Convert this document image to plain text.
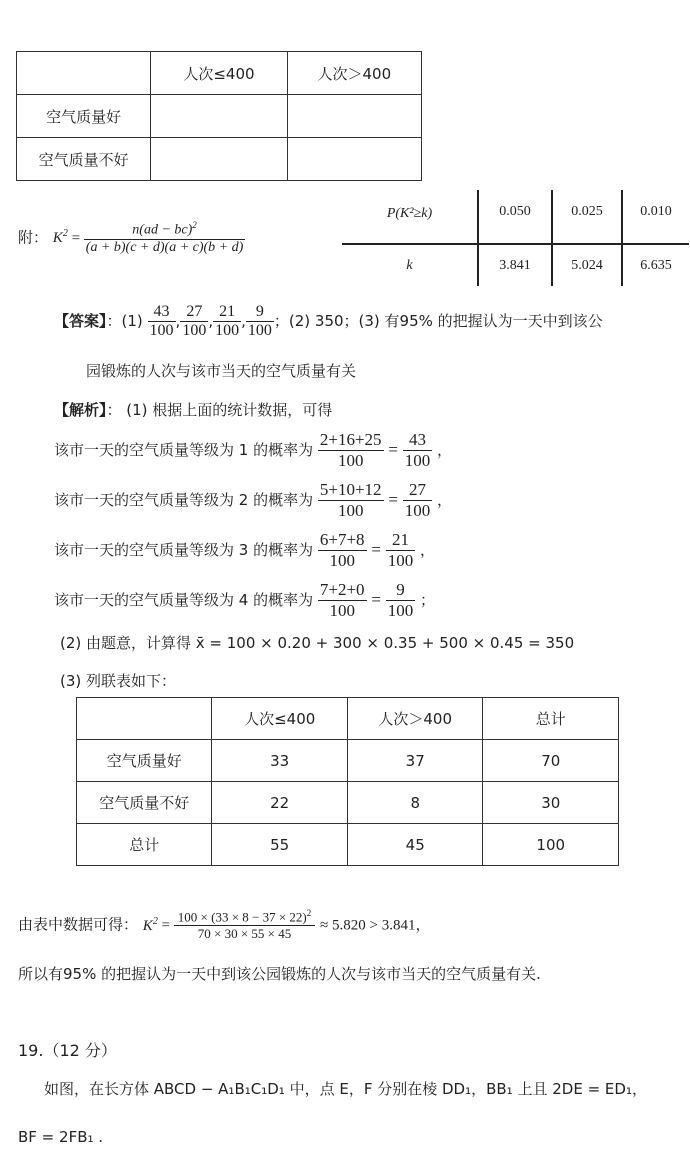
	人次≤400	人次＞400
空气质量好		
空气质量不好		
附： $K^2 = \frac{n(ad - bc)^2}{(a + b)(c + d)(a + c)(b + d)}$
P(K²≥k)	0.050	0.025	0.010
k	3.841	5.024	6.635
【答案】：$(1) \frac{43}{100}$ , $\frac{27}{100}$ , $\frac{21}{100}$ , $\frac{9}{100}$ ；(2) 350；(3) 有95% 的把握认为一天中到该公
园锻炼的人次与该市当天的空气质量有关
【解析】： (1) 根据上面的统计数据，可得
该市一天的空气质量等级为 1 的概率为 $\frac{2+16+25}{100} = \frac{43}{100}$ ，
该市一天的空气质量等级为 2 的概率为 $\frac{5+10+12}{100} = \frac{27}{100}$ ，
该市一天的空气质量等级为 3 的概率为 $\frac{6+7+8}{100} = \frac{21}{100}$ ，
该市一天的空气质量等级为 4 的概率为 $\frac{7+2+0}{100} = \frac{9}{100}$ ；
(2) 由题意，计算得 x̄ = 100 × 0.20 + 300 × 0.35 + 500 × 0.45 = 350
(3) 列联表如下：
	人次≤400	人次＞400	总计
空气质量好	33	37	70
空气质量不好	22	8	30
总计	55	45	100
由表中数据可得： $K^2 = \frac{100 \times (33 \times 8 - 37 \times 22)^2}{70 \times 30 \times 55 \times 45} \approx 5.820 > 3.841$，
所以有95% 的把握认为一天中到该公园锻炼的人次与该市当天的空气质量有关.
19.（12 分）
如图，在长方体 ABCD − A₁B₁C₁D₁ 中，点 E，F 分别在棱 DD₁，BB₁ 上且 2DE = ED₁，
BF = 2FB₁ .
